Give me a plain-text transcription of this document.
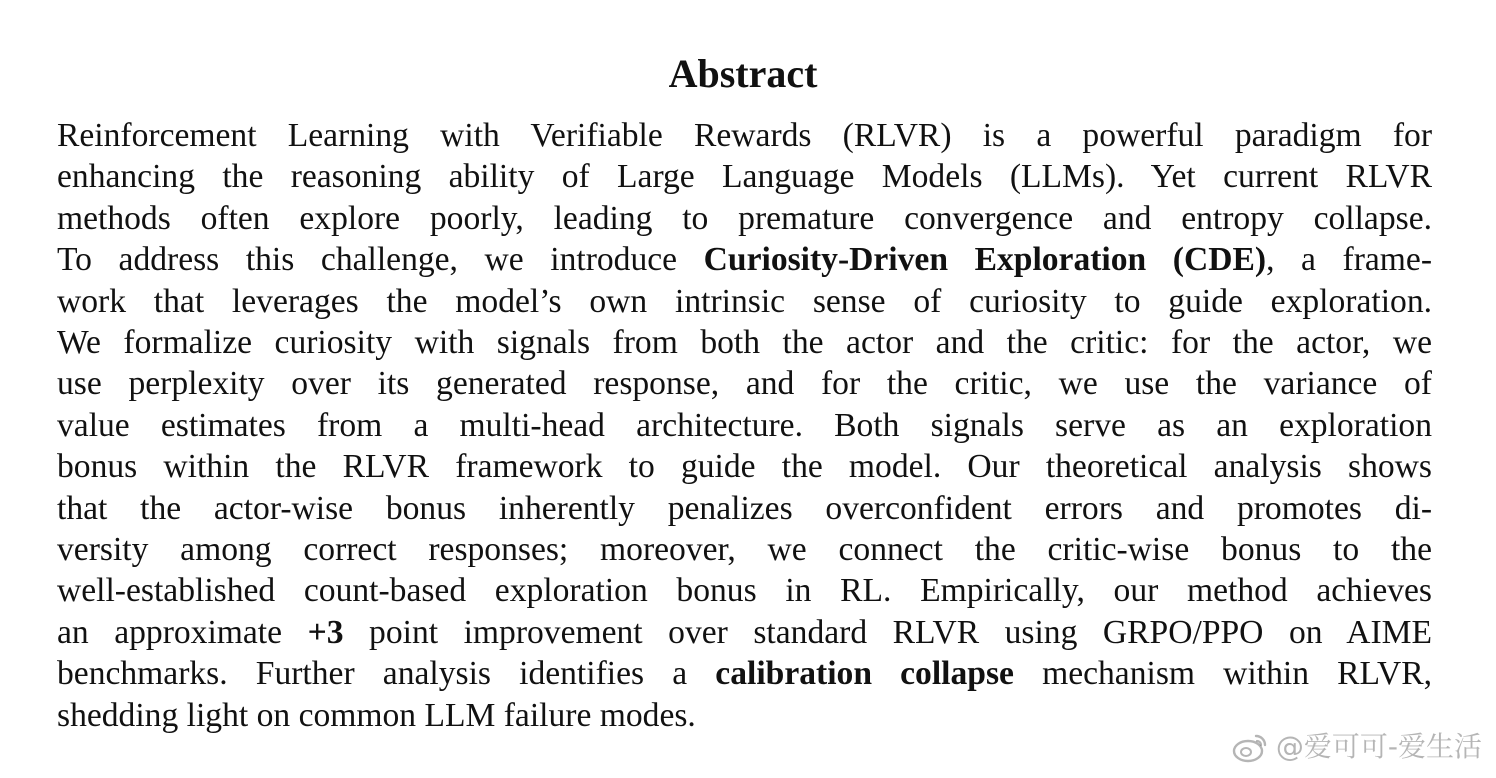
Abstract
Reinforcement Learning with Verifiable Rewards (RLVR) is a powerful paradigm for
enhancing the reasoning ability of Large Language Models (LLMs). Yet current RLVR
methods often explore poorly, leading to premature convergence and entropy collapse.
To address this challenge, we introduce Curiosity-Driven Exploration (CDE), a frame-
work that leverages the model’s own intrinsic sense of curiosity to guide exploration.
We formalize curiosity with signals from both the actor and the critic: for the actor, we
use perplexity over its generated response, and for the critic, we use the variance of
value estimates from a multi-head architecture. Both signals serve as an exploration
bonus within the RLVR framework to guide the model. Our theoretical analysis shows
that the actor-wise bonus inherently penalizes overconfident errors and promotes di-
versity among correct responses; moreover, we connect the critic-wise bonus to the
well-established count-based exploration bonus in RL. Empirically, our method achieves
an approximate +3 point improvement over standard RLVR using GRPO/PPO on AIME
benchmarks. Further analysis identifies a calibration collapse mechanism within RLVR,
shedding light on common LLM failure modes.
@爱可可-爱生活
